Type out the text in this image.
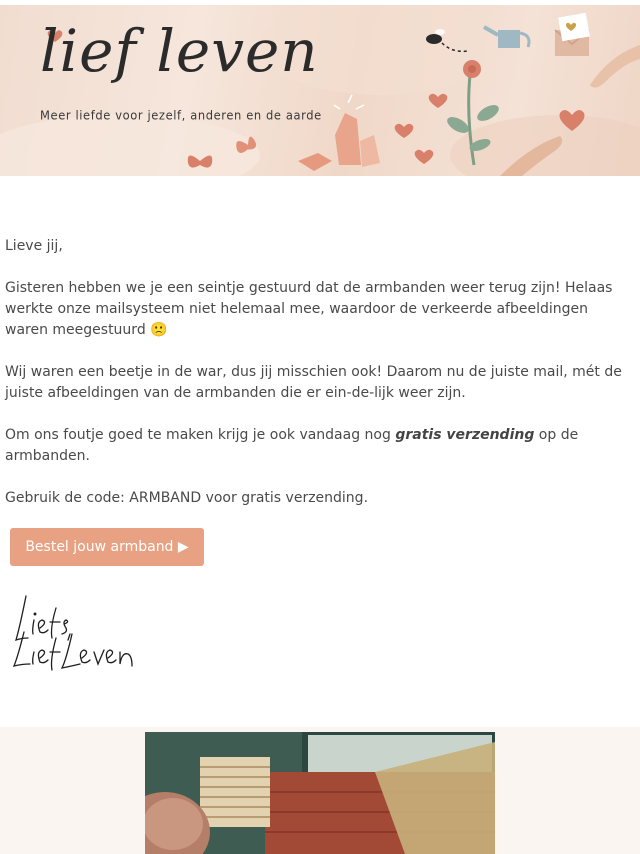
lief leven
Meer liefde voor jezelf, anderen en de aarde

Lieve jij,

Gisteren hebben we je een seintje gestuurd dat de armbanden weer terug zijn! Helaas werkte onze mailsysteem niet helemaal mee, waardoor de verkeerde afbeeldingen waren meegestuurd 🙁

Wij waren een beetje in de war, dus jij misschien ook! Daarom nu de juiste mail, mét de juiste afbeeldingen van de armbanden die er ein-de-lijk weer zijn.

Om ons foutje goed te maken krijg je ook vandaag nog gratis verzending op de armbanden.

Gebruik de code: ARMBAND voor gratis verzending.

Bestel jouw armband ▶
